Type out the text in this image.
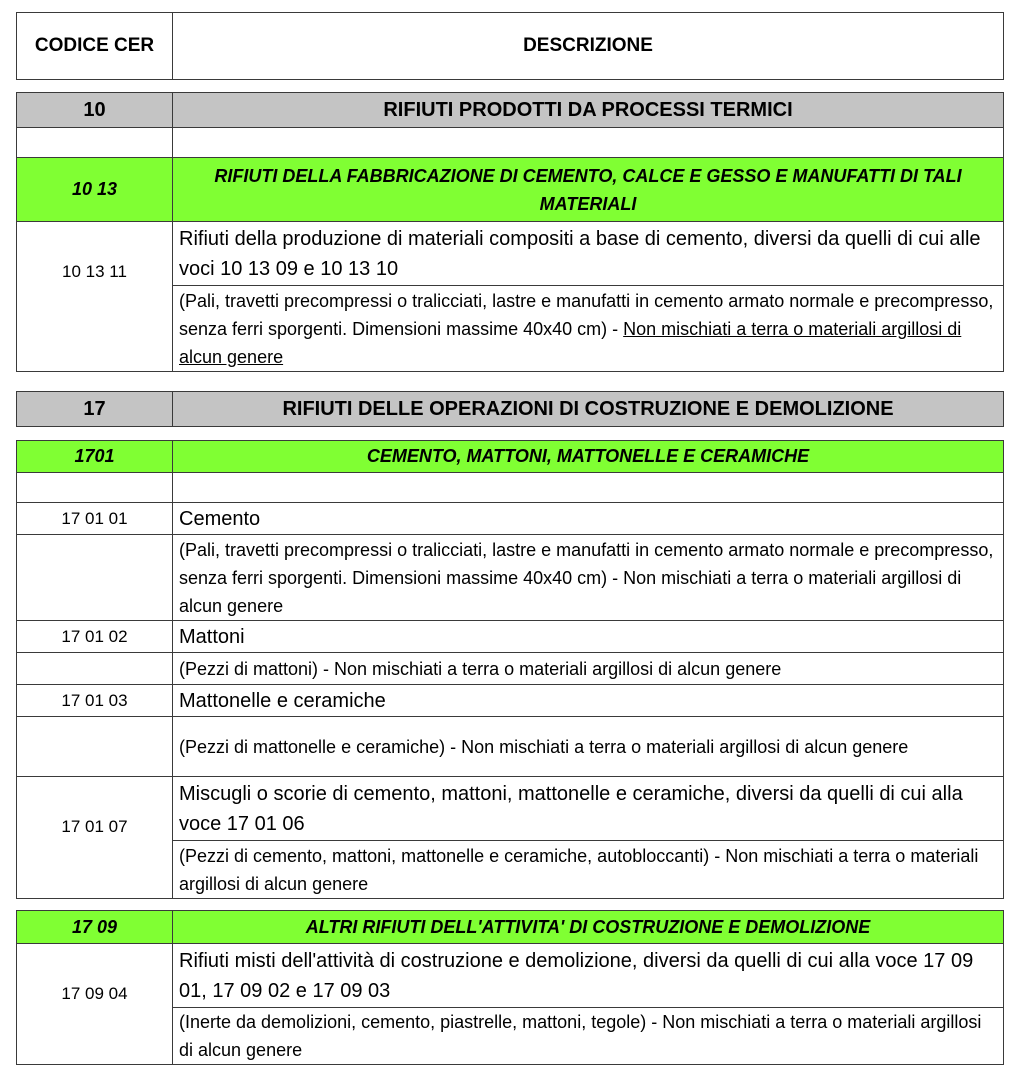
CODICE CER	DESCRIZIONE
10	RIFIUTI PRODOTTI DA PROCESSI TERMICI

10 13	RIFIUTI DELLA FABBRICAZIONE DI CEMENTO, CALCE E GESSO E MANUFATTI DI TALI MATERIALI
10 13 11	Rifiuti della produzione di materiali compositi a base di cemento, diversi da quelli di cui alle voci 10 13 09 e 10 13 10
	(Pali, travetti precompressi o tralicciati, lastre e manufatti in cemento armato normale e precompresso, senza ferri sporgenti. Dimensioni massime 40x40 cm) - Non mischiati a terra o materiali argillosi di alcun genere
17	RIFIUTI DELLE OPERAZIONI DI COSTRUZIONE E DEMOLIZIONE
1701	CEMENTO, MATTONI, MATTONELLE E CERAMICHE

17 01 01	Cemento
	(Pali, travetti precompressi o tralicciati, lastre e manufatti in cemento armato normale e precompresso, senza ferri sporgenti. Dimensioni massime 40x40 cm) - Non mischiati a terra o materiali argillosi di alcun genere
17 01 02	Mattoni
	(Pezzi di mattoni) - Non mischiati a terra o materiali argillosi di alcun genere
17 01 03	Mattonelle e ceramiche
	(Pezzi di mattonelle e ceramiche) - Non mischiati a terra o materiali argillosi di alcun genere
17 01 07	Miscugli o scorie di cemento, mattoni, mattonelle e ceramiche, diversi da quelli di cui alla voce 17 01 06
	(Pezzi di cemento, mattoni, mattonelle e ceramiche, autobloccanti) - Non mischiati a terra o materiali argillosi di alcun genere
17 09	ALTRI RIFIUTI DELL'ATTIVITA' DI COSTRUZIONE E DEMOLIZIONE
17 09 04	Rifiuti misti dell'attività di costruzione e demolizione, diversi da quelli di cui alla voce 17 09 01, 17 09 02 e 17 09 03
	(Inerte da demolizioni, cemento, piastrelle, mattoni, tegole) - Non mischiati a terra o materiali argillosi di alcun genere
